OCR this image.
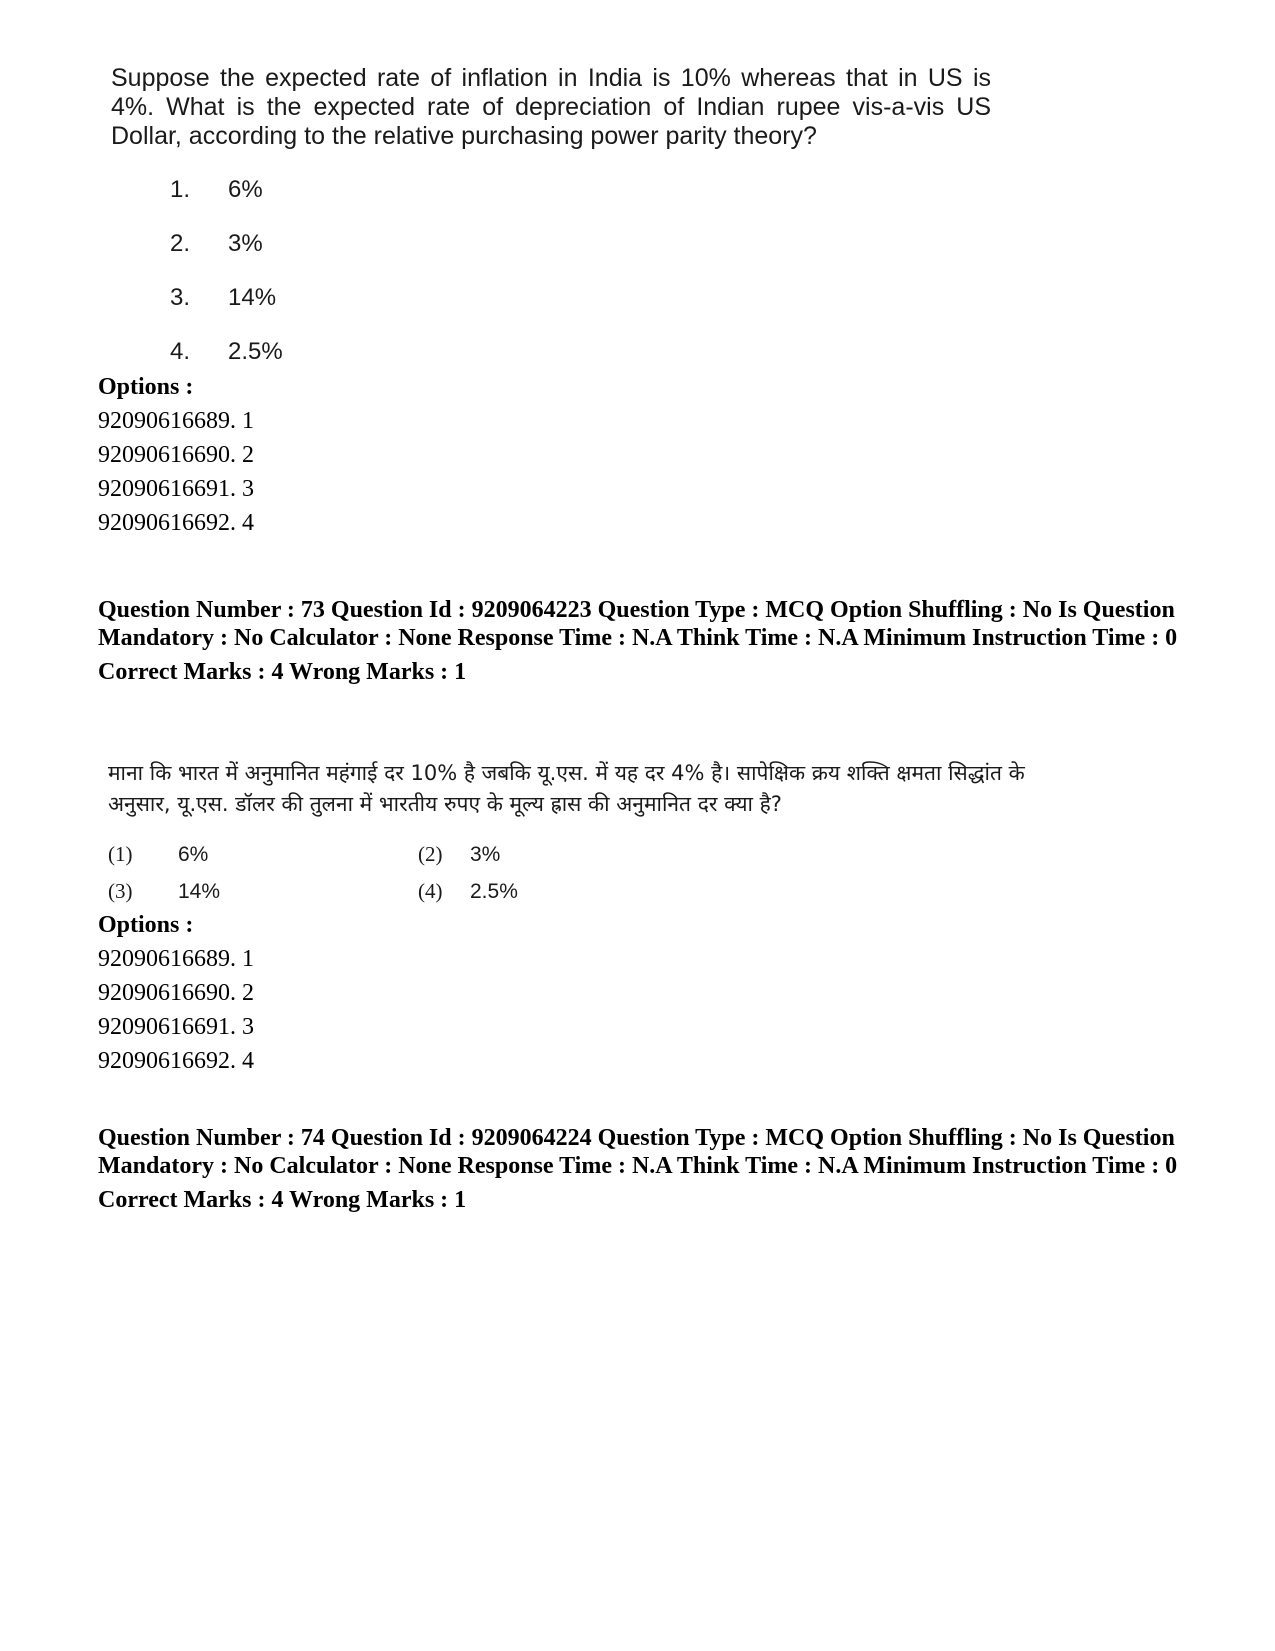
Suppose the expected rate of inflation in India is 10% whereas that in US is 4%. What is the expected rate of depreciation of Indian rupee vis-a-vis US Dollar, according to the relative purchasing power parity theory?
1.	6%
2.	3%
3.	14%
4.	2.5%
Options :
92090616689. 1
92090616690. 2
92090616691. 3
92090616692. 4
Question Number : 73 Question Id : 9209064223 Question Type : MCQ Option Shuffling : No Is Question Mandatory : No Calculator : None Response Time : N.A Think Time : N.A Minimum Instruction Time : 0
Correct Marks : 4 Wrong Marks : 1
माना कि भारत में अनुमानित महंगाई दर 10% है जबकि यू.एस. में यह दर 4% है। सापेक्षिक क्रय शक्ति क्षमता सिद्धांत के अनुसार, यू.एस. डॉलर की तुलना में भारतीय रुपए के मूल्य ह्रास की अनुमानित दर क्या है?
(1)	6%	(2)	3%
(3)	14%	(4)	2.5%
Options :
92090616689. 1
92090616690. 2
92090616691. 3
92090616692. 4
Question Number : 74 Question Id : 9209064224 Question Type : MCQ Option Shuffling : No Is Question Mandatory : No Calculator : None Response Time : N.A Think Time : N.A Minimum Instruction Time : 0
Correct Marks : 4 Wrong Marks : 1
